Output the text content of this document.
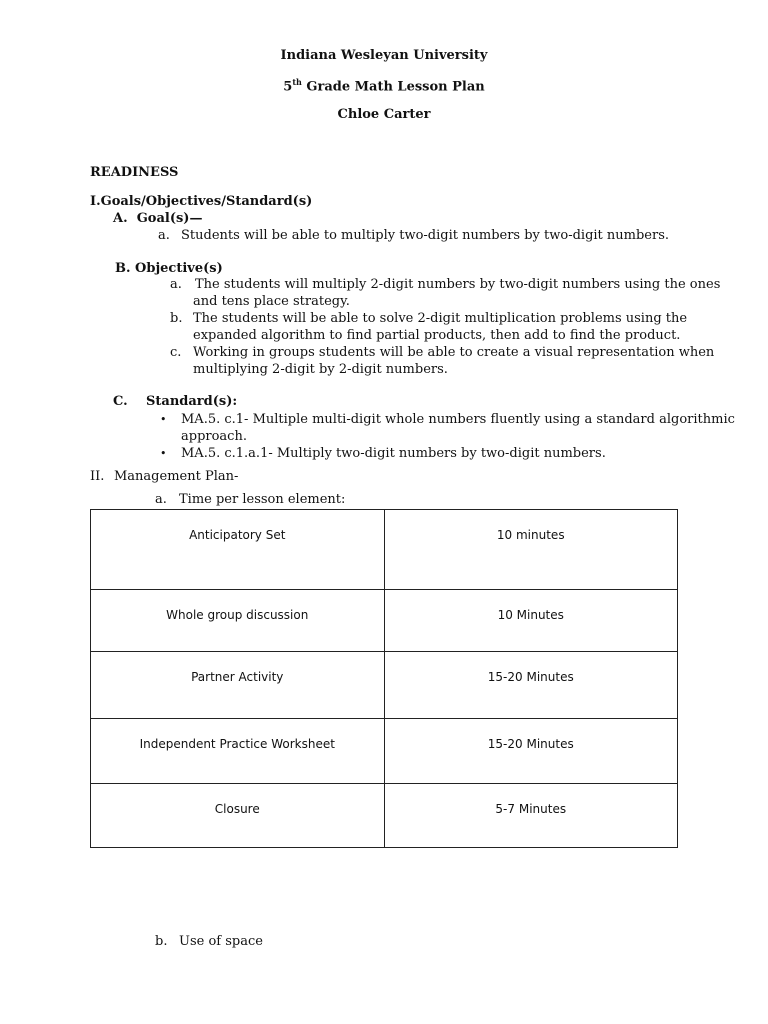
Indiana Wesleyan University
5th Grade Math Lesson Plan
Chloe Carter
READINESS
I.Goals/Objectives/Standard(s)
A. Goal(s)—
a. Students will be able to multiply two-digit numbers by two-digit numbers.
B. Objective(s)
a. The students will multiply 2-digit numbers by two-digit numbers using the ones
and tens place strategy.
b. The students will be able to solve 2-digit multiplication problems using the
expanded algorithm to find partial products, then add to find the product.
c. Working in groups students will be able to create a visual representation when
multiplying 2-digit by 2-digit numbers.
C. Standard(s):
• MA.5. c.1- Multiple multi-digit whole numbers fluently using a standard algorithmic
approach.
• MA.5. c.1.a.1- Multiply two-digit numbers by two-digit numbers.
II. Management Plan-
a. Time per lesson element:
Anticipatory Set	10 minutes
Whole group discussion	10 Minutes
Partner Activity	15-20 Minutes
Independent Practice Worksheet	15-20 Minutes
Closure	5-7 Minutes
b. Use of space
